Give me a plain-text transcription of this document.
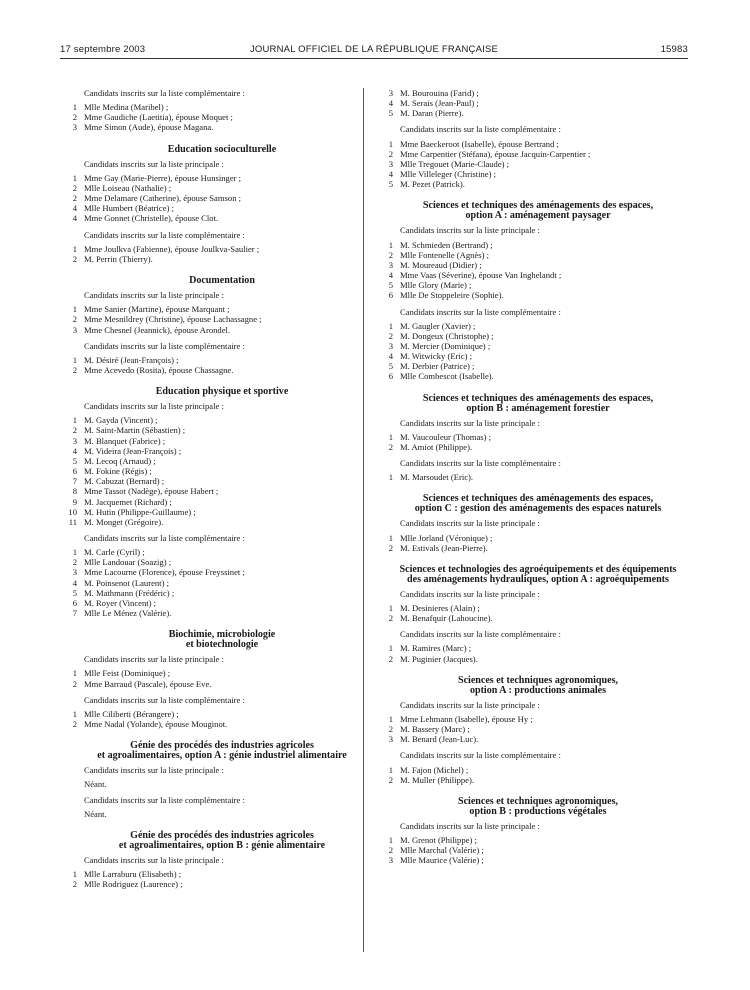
17 septembre 2003	JOURNAL OFFICIEL DE LA RÉPUBLIQUE FRANÇAISE	15983

Candidats inscrits sur la liste complémentaire :

1 Mlle Medina (Maribel) ;
2 Mme Gaudiche (Laetitia), épouse Moquet ;
3 Mme Simon (Aude), épouse Magana.
Education socioculturelle

Candidats inscrits sur la liste principale :

1 Mme Gay (Marie-Pierre), épouse Hunsinger ;
2 Mlle Loiseau (Nathalie) ;
2 Mme Delamare (Catherine), épouse Samson ;
4 Mlle Humbert (Béatrice) ;
4 Mme Gonnet (Christelle), épouse Clot.

Candidats inscrits sur la liste complémentaire :

1 Mme Joulkva (Fabienne), épouse Joulkva-Saulier ;
2 M. Perrin (Thierry).
Documentation

Candidats inscrits sur la liste principale :

1 Mme Sanier (Martine), épouse Marquant ;
2 Mme Mesnildrey (Christine), épouse Lachassagne ;
3 Mme Chesnel (Jeannick), épouse Arondel.

Candidats inscrits sur la liste complémentaire :

1 M. Désiré (Jean-François) ;
2 Mme Acevedo (Rosita), épouse Chassagne.
Education physique et sportive

Candidats inscrits sur la liste principale :

1 M. Gayda (Vincent) ;
2 M. Saint-Martin (Sébastien) ;
3 M. Blanquet (Fabrice) ;
4 M. Videira (Jean-François) ;
5 M. Lecoq (Arnaud) ;
6 M. Fokine (Régis) ;
7 M. Cabuzat (Bernard) ;
8 Mme Tassot (Nadège), épouse Habert ;
9 M. Jacquemet (Richard) ;
10 M. Hutin (Philippe-Guillaume) ;
11 M. Monget (Grégoire).

Candidats inscrits sur la liste complémentaire :

1 M. Carle (Cyril) ;
2 Mlle Landouar (Soazig) ;
3 Mme Lacourne (Florence), épouse Freyssinet ;
4 M. Poinsenot (Laurent) ;
5 M. Mathmann (Frédéric) ;
6 M. Royer (Vincent) ;
7 Mlle Le Ménez (Valérie).
Biochimie, microbiologie
et biotechnologie

Candidats inscrits sur la liste principale :

1 Mlle Feist (Dominique) ;
2 Mme Barraud (Pascale), épouse Eve.

Candidats inscrits sur la liste complémentaire :

1 Mlle Ciliberti (Bérangere) ;
2 Mme Nadal (Yolande), épouse Mouginot.
Génie des procédés des industries agricoles
et agroalimentaires, option A : génie industriel alimentaire

Candidats inscrits sur la liste principale :

Néant.

Candidats inscrits sur la liste complémentaire :

Néant.

Génie des procédés des industries agricoles
et agroalimentaires, option B : génie alimentaire

Candidats inscrits sur la liste principale :

1 Mlle Larraburu (Elisabeth) ;
2 Mlle Rodriguez (Laurence) ;
3 M. Bourouina (Farid) ;
4 M. Serais (Jean-Paul) ;
5 M. Daran (Pierre).

Candidats inscrits sur la liste complémentaire :

1 Mme Baeckeroot (Isabelle), épouse Bertrand ;
2 Mme Carpentier (Stéfana), épouse Jacquin-Carpentier ;
3 Mlle Tregouet (Marie-Claude) ;
4 Mlle Villeleger (Christine) ;
5 M. Pezet (Patrick).
Sciences et techniques des aménagements des espaces,
option A : aménagement paysager

Candidats inscrits sur la liste principale :

1 M. Schmieden (Bertrand) ;
2 Mlle Fontenelle (Agnès) ;
3 M. Moureaud (Didier) ;
4 Mme Vaas (Séverine), épouse Van Inghelandt ;
5 Mlle Glory (Marie) ;
6 Mlle De Stoppeleire (Sophie).

Candidats inscrits sur la liste complémentaire :

1 M. Gaugler (Xavier) ;
2 M. Dongeux (Christophe) ;
3 M. Mercier (Dominique) ;
4 M. Witwicky (Eric) ;
5 M. Derbier (Patrice) ;
6 Mlle Combescot (Isabelle).
Sciences et techniques des aménagements des espaces,
option B : aménagement forestier

Candidats inscrits sur la liste principale :

1 M. Vaucouleur (Thomas) ;
2 M. Amiot (Philippe).

Candidats inscrits sur la liste complémentaire :

1 M. Marsoudet (Eric).
Sciences et techniques des aménagements des espaces,
option C : gestion des aménagements des espaces naturels

Candidats inscrits sur la liste principale :

1 Mlle Jorland (Véronique) ;
2 M. Estivals (Jean-Pierre).
Sciences et technologies des agroéquipements et des équipements
des aménagements hydrauliques, option A : agroéquipements

Candidats inscrits sur la liste principale :

1 M. Desinieres (Alain) ;
2 M. Benafquir (Lahoucine).

Candidats inscrits sur la liste complémentaire :

1 M. Ramires (Marc) ;
2 M. Puginier (Jacques).
Sciences et techniques agronomiques,
option A : productions animales

Candidats inscrits sur la liste principale :

1 Mme Lehmann (Isabelle), épouse Hy ;
2 M. Bassery (Marc) ;
3 M. Benard (Jean-Luc).

Candidats inscrits sur la liste complémentaire :

1 M. Fajon (Michel) ;
2 M. Muller (Philippe).
Sciences et techniques agronomiques,
option B : productions végétales

Candidats inscrits sur la liste principale :

1 M. Grenot (Philippe) ;
2 Mlle Marchal (Valérie) ;
3 Mlle Maurice (Valérie) ;
